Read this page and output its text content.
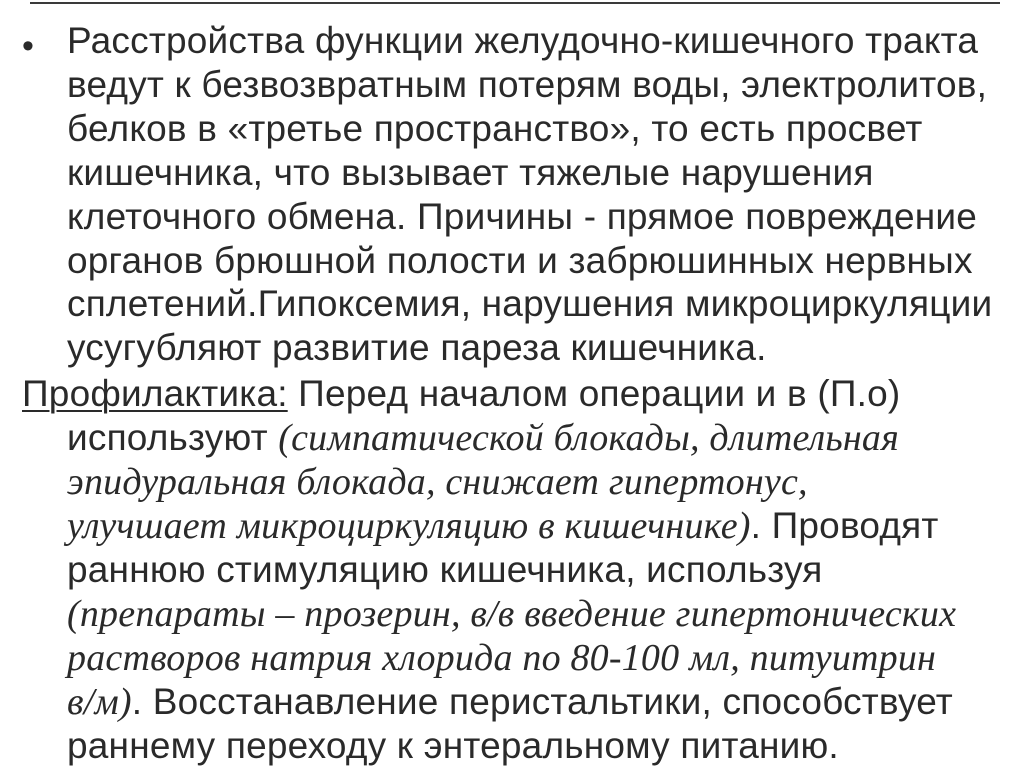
• Расстройства функции желудочно-кишечного тракта
ведут к безвозвратным потерям воды, электролитов,
белков в «третье пространство», то есть просвет
кишечника, что вызывает тяжелые нарушения
клеточного обмена. Причины - прямое повреждение
органов брюшной полости и забрюшинных нервных
сплетений.Гипоксемия, нарушения микроциркуляции
усугубляют развитие пареза кишечника.
Профилактика: Перед началом операции и в (П.о)
используют (симпатической блокады, длительная
эпидуральная блокада, снижает гипертонус,
улучшает микроциркуляцию в кишечнике). Проводят
раннюю стимуляцию кишечника, используя
(препараты – прозерин, в/в введение гипертонических
растворов натрия хлорида по 80-100 мл, питуитрин
в/м). Восстанавление перистальтики, способствует
раннему переходу к энтеральному питанию.
